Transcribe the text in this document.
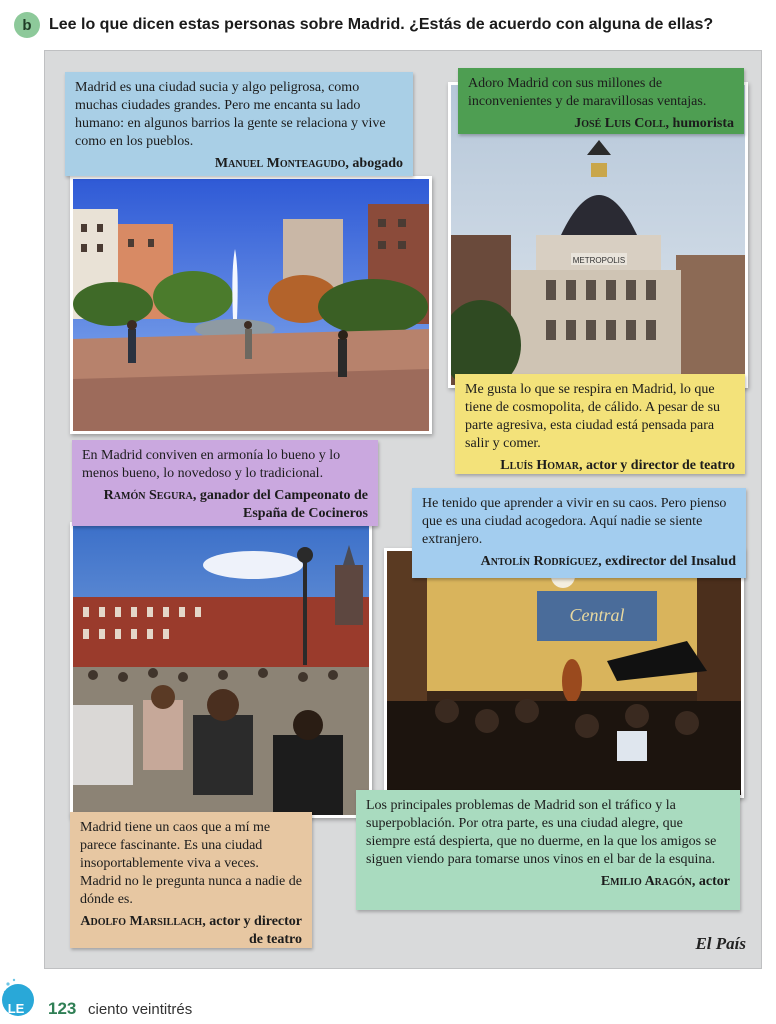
b	Lee lo que dicen estas personas sobre Madrid. ¿Estás de acuerdo con alguna de ellas?
METROPOLIS
Central

Madrid es una ciudad sucia y algo peligrosa, como muchas ciudades grandes. Pero me encanta su lado humano: en algunos barrios la gente se relaciona y vive como en los pueblos.

Manuel Monteagudo, abogado

Adoro Madrid con sus millones de inconvenientes y de maravillosas ventajas.

José Luis Coll, humorista

Me gusta lo que se respira en Madrid, lo que tiene de cosmopolita, de cálido. A pesar de su parte agresiva, esta ciudad está pensada para salir y comer.

Lluís Homar, actor y director de teatro

En Madrid conviven en armonía lo bueno y lo menos bueno, lo novedoso y lo tradicional.

Ramón Segura, ganador del Campeonato de España de Cocineros

He tenido que aprender a vivir en su caos. Pero pienso que es una ciudad acogedora. Aquí nadie se siente extranjero.

Antolín Rodríguez, exdirector del Insalud

Madrid tiene un caos que a mí me parece fascinante. Es una ciudad insoportablemente viva a veces. Madrid no le pregunta nunca a nadie de dónde es.

Adolfo Marsillach, actor y director de teatro

Los principales problemas de Madrid son el tráfico y la superpoblación. Por otra parte, es una ciudad alegre, que siempre está despierta, que no duerme, en la que los amigos se siguen viendo para tomarse unos vinos en el bar de la esquina.

Emilio Aragón, actor
El País
LE 123 ciento veintitrés
